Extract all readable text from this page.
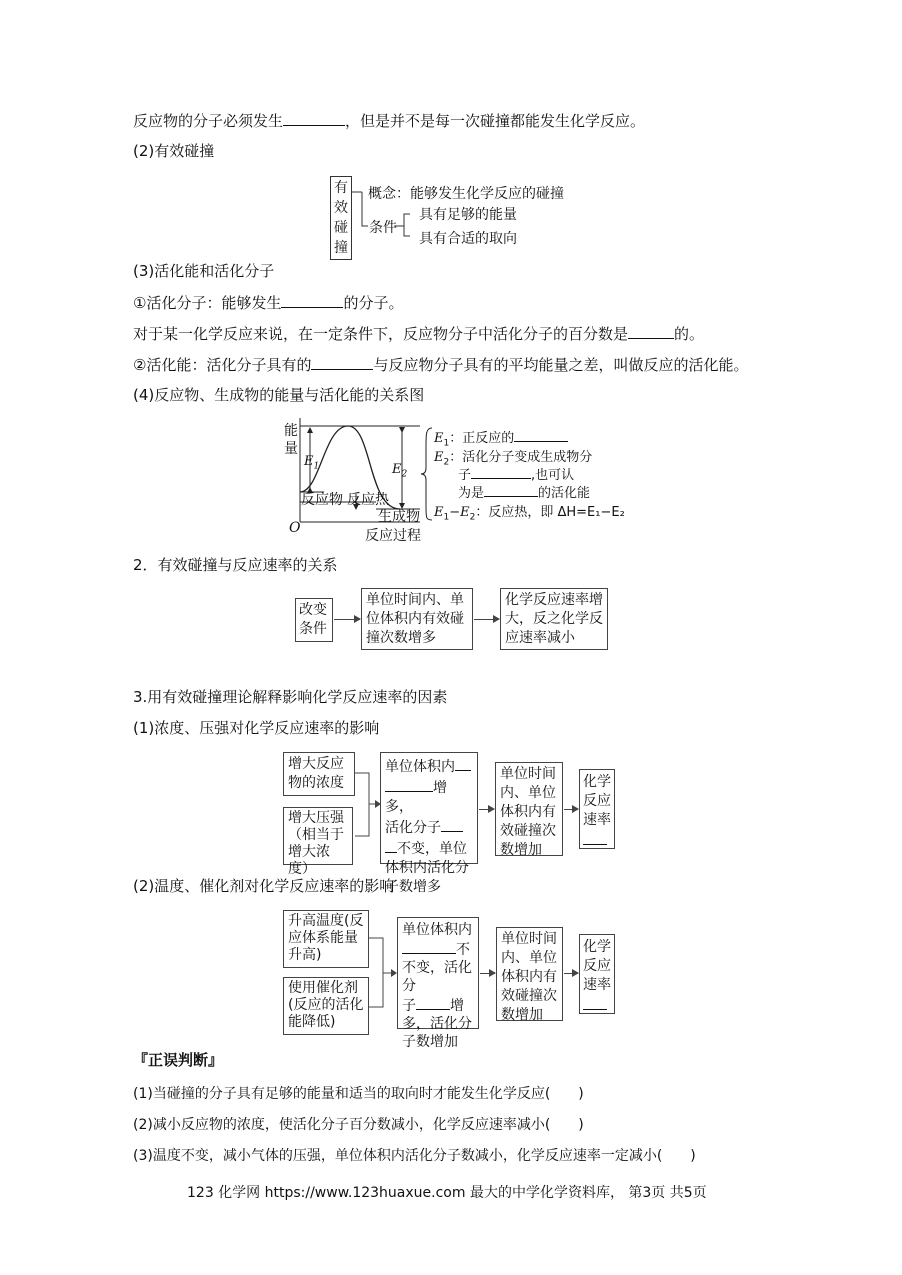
反应物的分子必须发生	，但是并不是每一次碰撞都能发生化学反应。
(2)有效碰撞
有效碰撞
概念：能够发生化学反应的碰撞
条件
具有足够的能量
具有合适的取向
(3)活化能和活化分子
①活化分子：能够发生	的分子。
对于某一化学反应来说，在一定条件下，反应物分子中活化分子的百分数是	的。
②活化能：活化分子具有的	与反应物分子具有的平均能量之差，叫做反应的活化能。
(4)反应物、生成物的能量与活化能的关系图
能
量
O
$E_1$	$E_2$
反应物 反应热
生成物
反应过程
$E_1$：正反应的
$E_2$：活化分子变成生成物分
子	,也可认
为是	的活化能
$E_1-E_2$：反应热，即 ΔH=E₁−E₂
2．有效碰撞与反应速率的关系
改变条件
单位时间内、单位体积内有效碰撞次数增多
化学反应速率增大，反之化学反应速率减小
3.用有效碰撞理论解释影响化学反应速率的因素
(1)浓度、压强对化学反应速率的影响
增大反应物的浓度
增大压强（相当于增大浓度）
单位体积内
增多，
活化分子
不变，单位体积内活化分子数增多
单位时间内、单位体积内有效碰撞次数增加
化学反应速率

(2)温度、催化剂对化学反应速率的影响
升高温度(反应体系能量升高)
使用催化剂(反应的活化能降低)
单位体积内
不
不变，活化分
子 增多，活化分子数增加
单位时间内、单位体积内有效碰撞次数增加
化学反应速率

『正误判断』
(1)当碰撞的分子具有足够的能量和适当的取向时才能发生化学反应(　　)
(2)减小反应物的浓度，使活化分子百分数减小，化学反应速率减小(　　)
(3)温度不变，减小气体的压强，单位体积内活化分子数减小，化学反应速率一定减小(　　)
123 化学网 https://www.123huaxue.com 最大的中学化学资料库， 第3页 共5页
